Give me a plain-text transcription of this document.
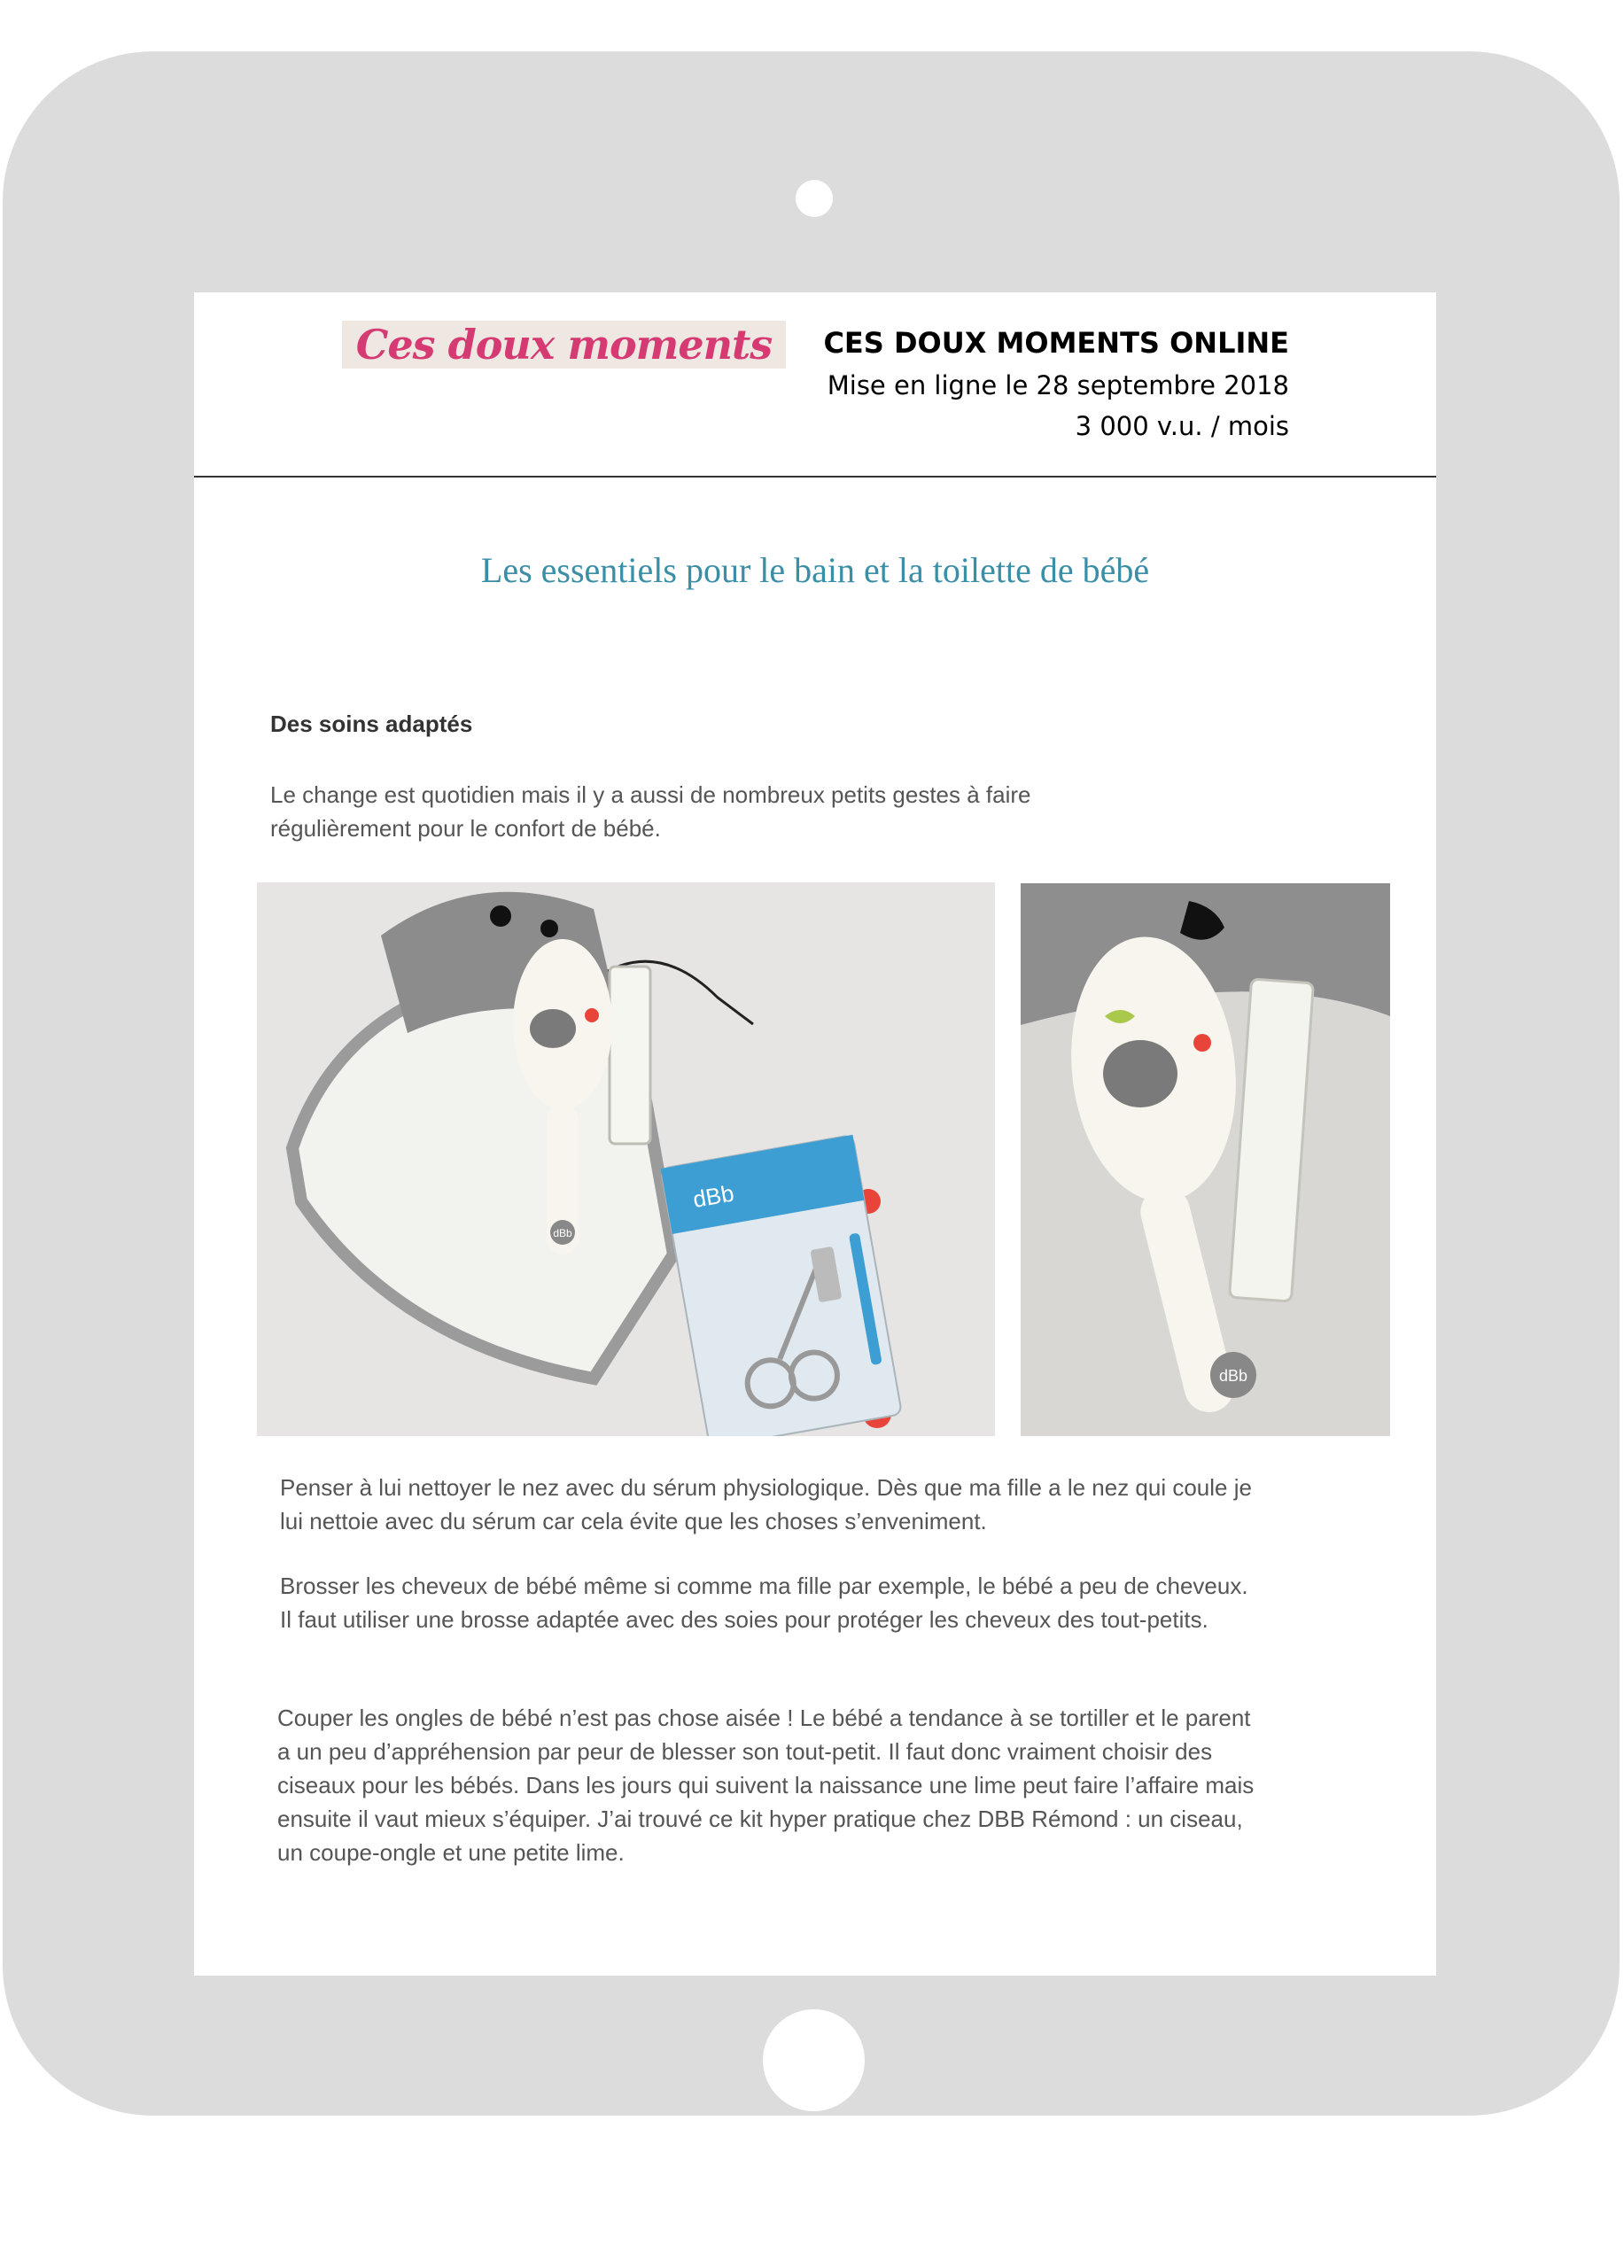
Ces doux moments	CES DOUX MOMENTS ONLINE
Mise en ligne le 28 septembre 2018
3 000 v.u. / mois
Les essentiels pour le bain et la toilette de bébé
Des soins adaptés
Le change est quotidien mais il y a aussi de nombreux petits gestes à faire régulièrement pour le confort de bébé.
dBb
dBb
dBb
Penser à lui nettoyer le nez avec du sérum physiologique. Dès que ma fille a le nez qui coule je lui nettoie avec du sérum car cela évite que les choses s’enveniment.
Brosser les cheveux de bébé même si comme ma fille par exemple, le bébé a peu de cheveux. Il faut utiliser une brosse adaptée avec des soies pour protéger les cheveux des tout-petits.
Couper les ongles de bébé n’est pas chose aisée ! Le bébé a tendance à se tortiller et le parent a un peu d’appréhension par peur de blesser son tout-petit. Il faut donc vraiment choisir des ciseaux pour les bébés. Dans les jours qui suivent la naissance une lime peut faire l’affaire mais ensuite il vaut mieux s’équiper. J’ai trouvé ce kit hyper pratique chez DBB Rémond : un ciseau, un coupe-ongle et une petite lime.
